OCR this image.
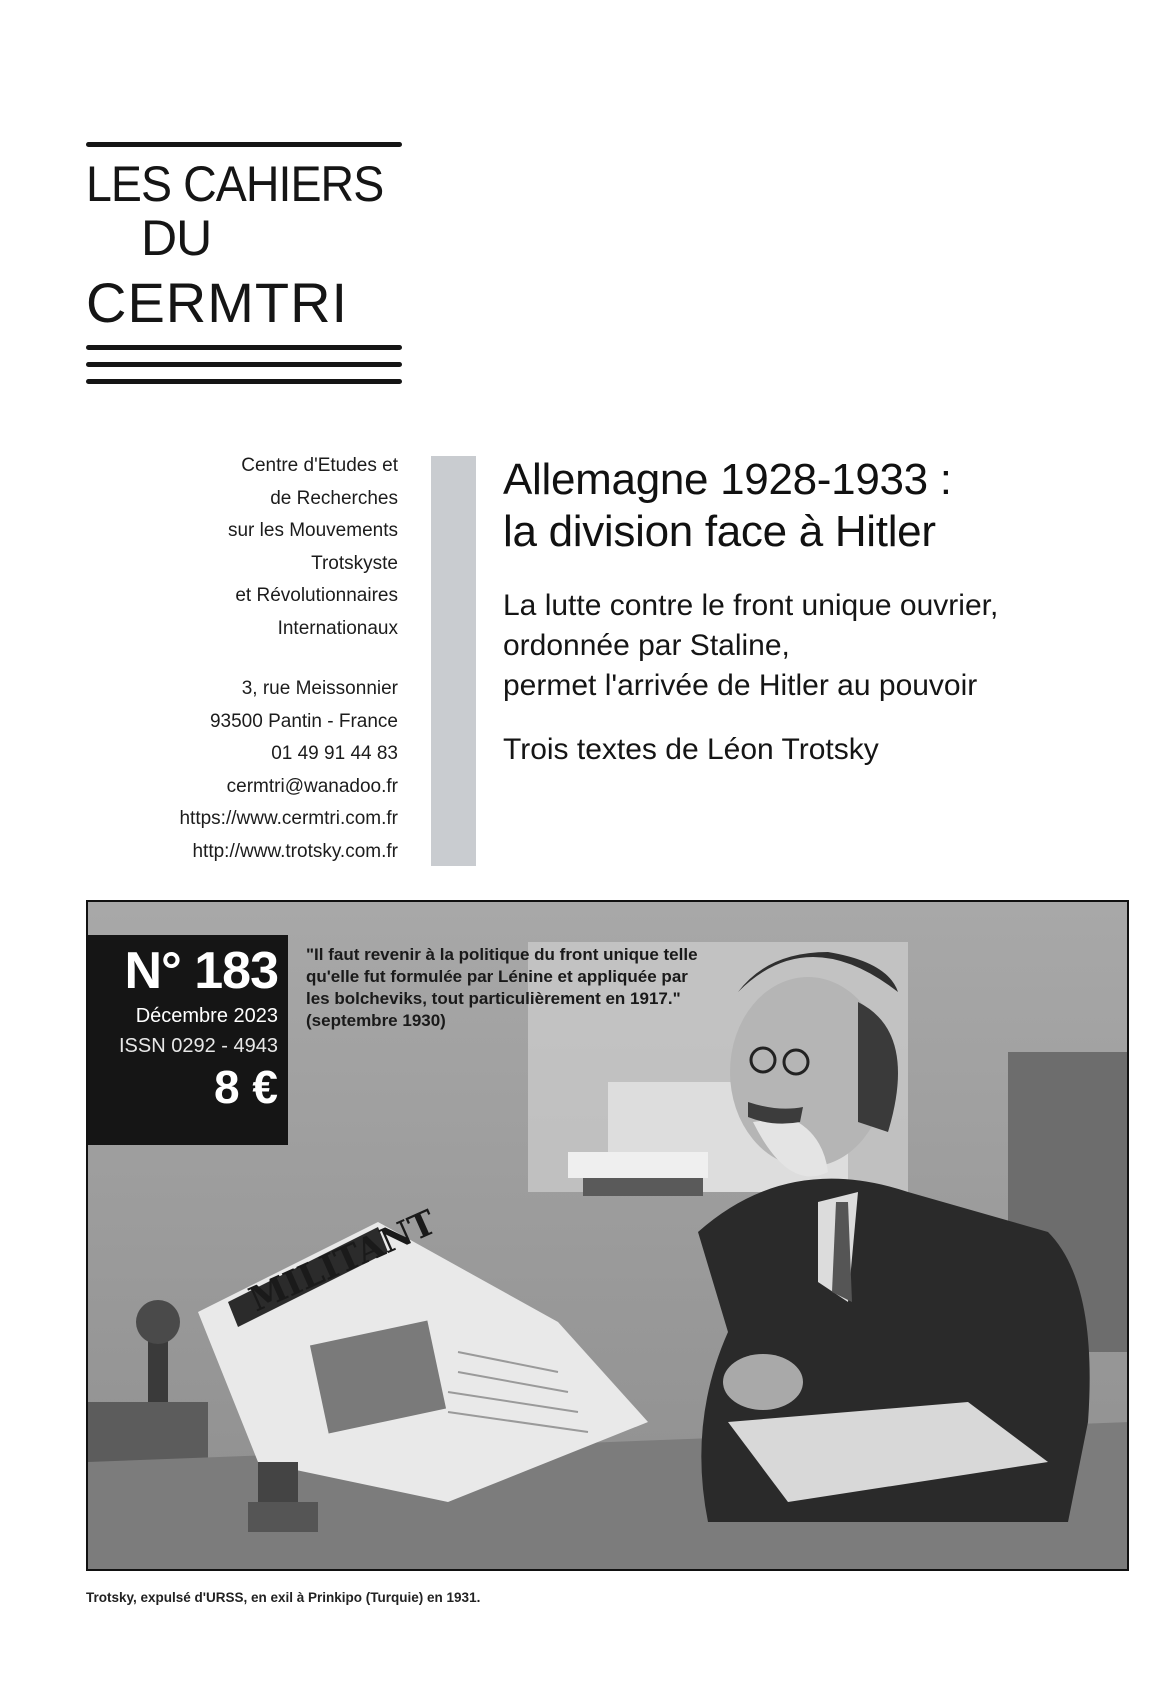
LES CAHIERS
DU
CERMTRI
Centre d'Etudes et
de Recherches
sur les Mouvements
Trotskyste
et Révolutionnaires
Internationaux
3, rue Meissonnier
93500 Pantin - France
01 49 91 44 83
cermtri@wanadoo.fr
https://www.cermtri.com.fr
http://www.trotsky.com.fr
Allemagne 1928-1933 :
la division face à Hitler
La lutte contre le front unique ouvrier,
ordonnée par Staline,
permet l'arrivée de Hitler au pouvoir
Trois textes de Léon Trotsky
MILITANT
N° 183
Décembre 2023
ISSN 0292 - 4943
8 €
"Il faut revenir à la politique du front unique telle
qu'elle fut formulée par Lénine et appliquée par
les bolcheviks, tout particulièrement en 1917."
(septembre 1930)
Trotsky, expulsé d'URSS, en exil à Prinkipo (Turquie) en 1931.
